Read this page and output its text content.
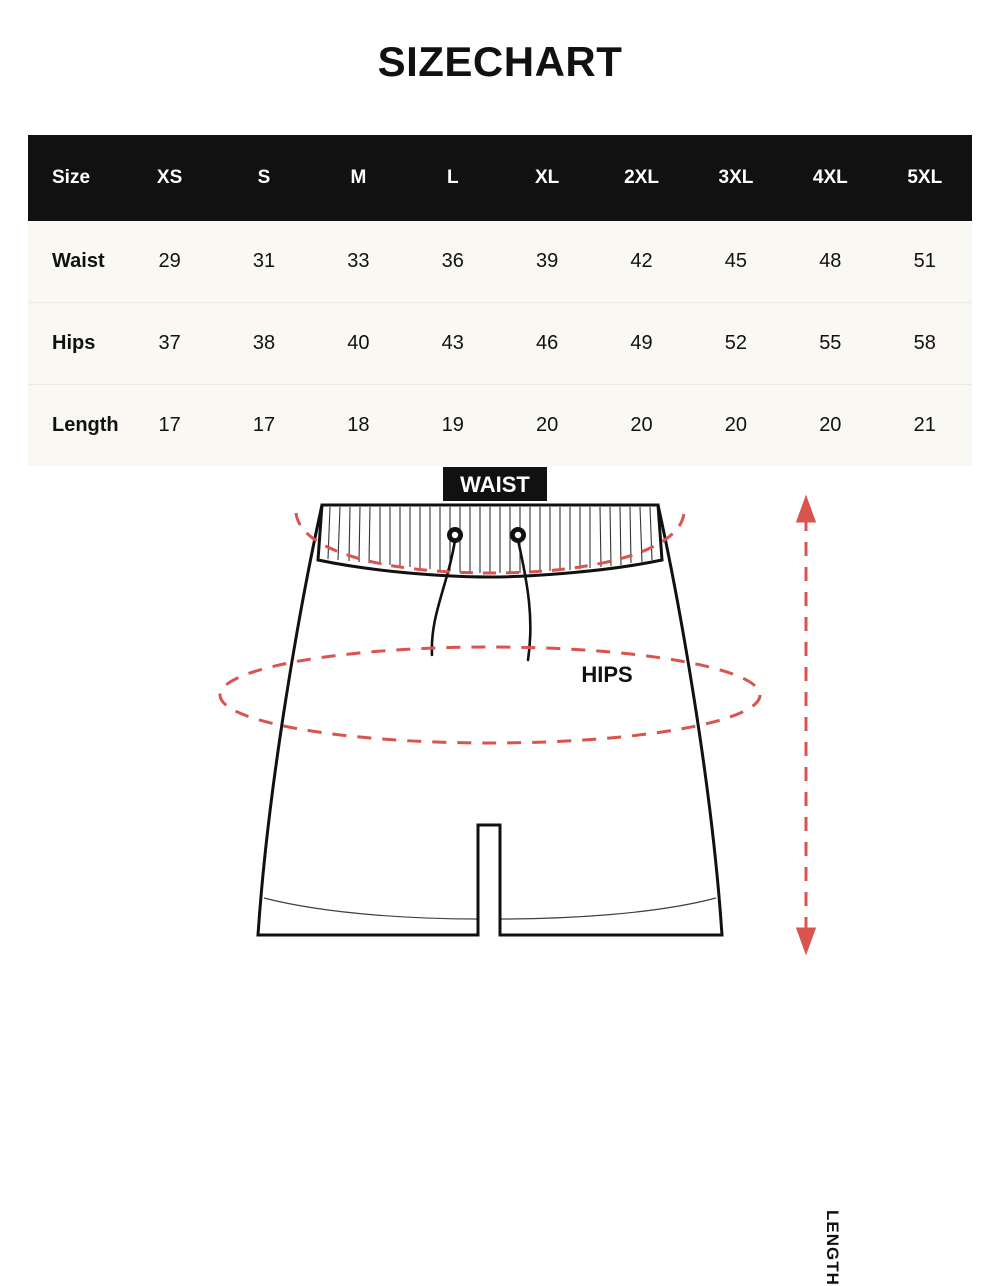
SIZECHART
Size	XS	S	M	L	XL	2XL	3XL	4XL	5XL
Waist	29	31	33	36	39	42	45	48	51
Hips	37	38	40	43	46	49	52	55	58
Length	17	17	18	19	20	20	20	20	21
WAIST
HIPS
LENGTH
